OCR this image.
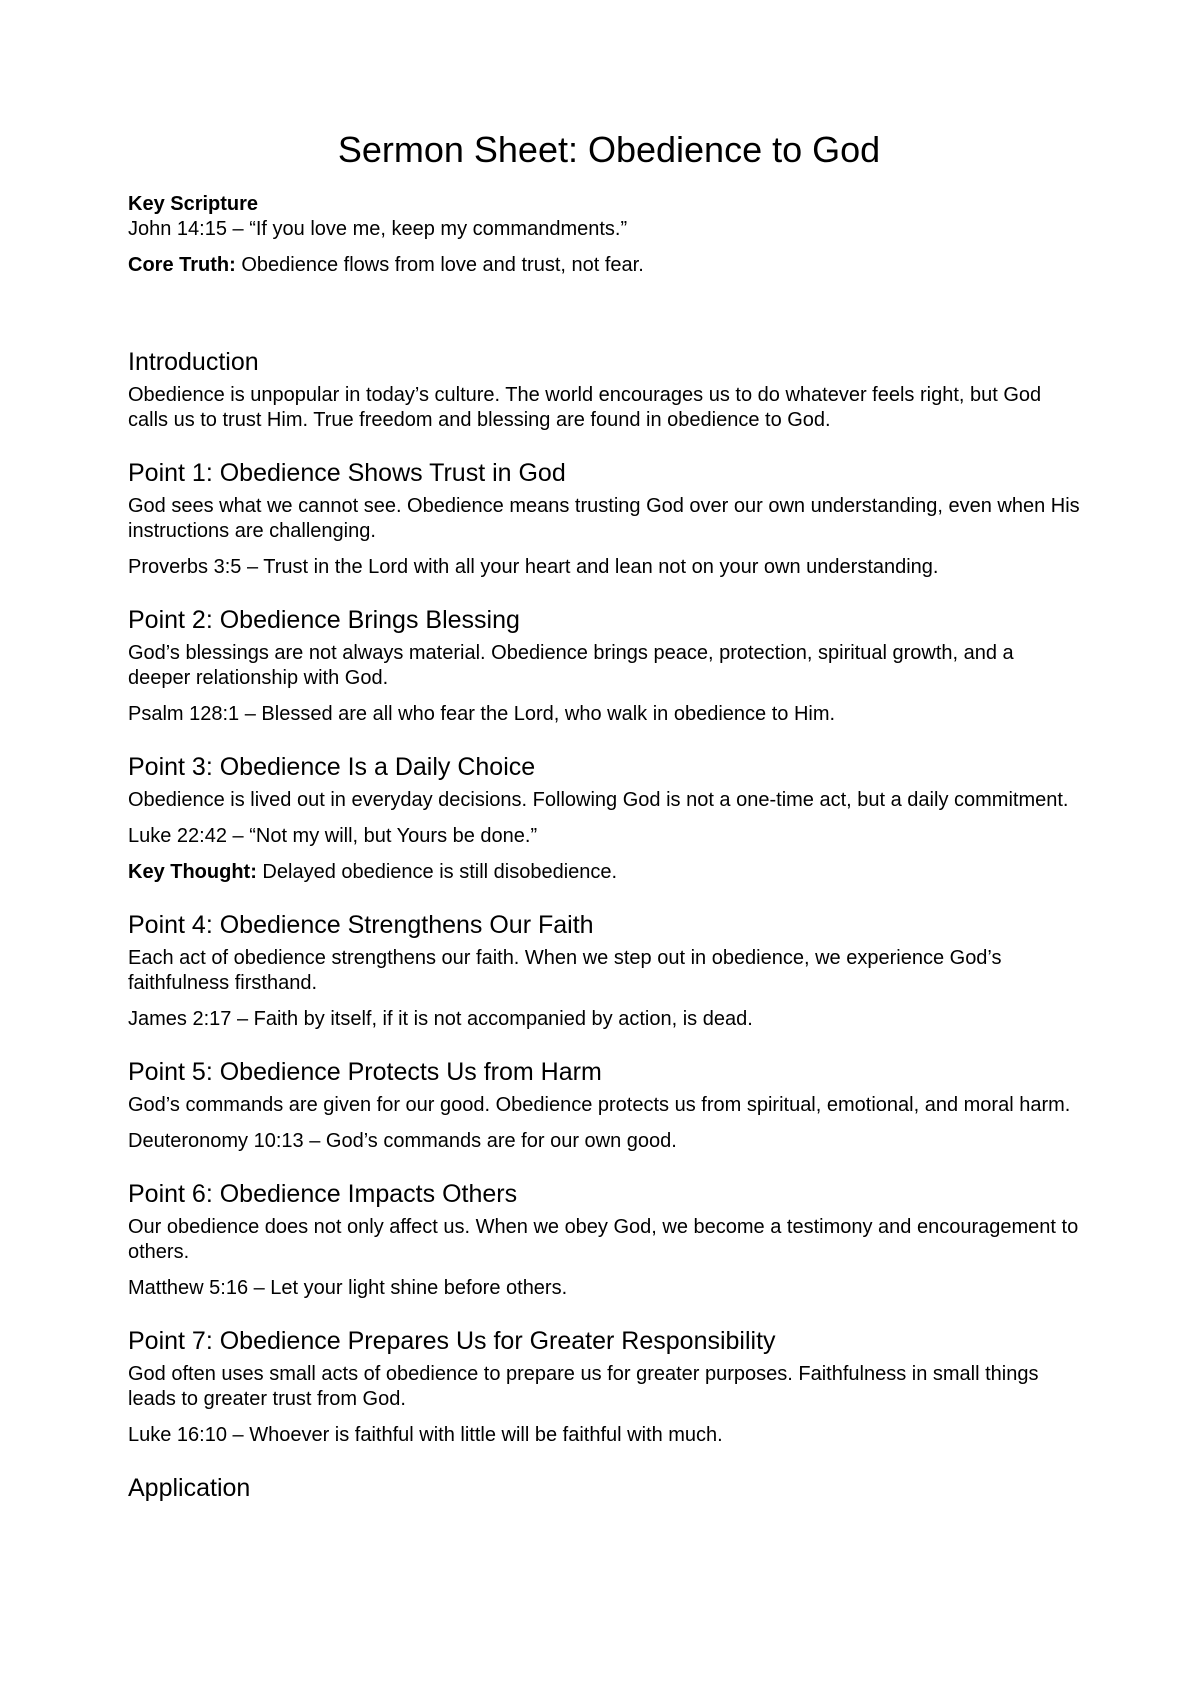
Sermon Sheet: Obedience to God
Key Scripture

John 14:15 – “If you love me, keep my commandments.”

Core Truth: Obedience flows from love and trust, not fear.

Introduction

Obedience is unpopular in today’s culture. The world encourages us to do whatever feels right, but God calls us to trust Him. True freedom and blessing are found in obedience to God.

Point 1: Obedience Shows Trust in God

God sees what we cannot see. Obedience means trusting God over our own understanding, even when His instructions are challenging.

Proverbs 3:5 – Trust in the Lord with all your heart and lean not on your own understanding.

Point 2: Obedience Brings Blessing

God’s blessings are not always material. Obedience brings peace, protection, spiritual growth, and a deeper relationship with God.

Psalm 128:1 – Blessed are all who fear the Lord, who walk in obedience to Him.

Point 3: Obedience Is a Daily Choice

Obedience is lived out in everyday decisions. Following God is not a one-time act, but a daily commitment.

Luke 22:42 – “Not my will, but Yours be done.”

Key Thought: Delayed obedience is still disobedience.

Point 4: Obedience Strengthens Our Faith

Each act of obedience strengthens our faith. When we step out in obedience, we experience God’s faithfulness firsthand.

James 2:17 – Faith by itself, if it is not accompanied by action, is dead.

Point 5: Obedience Protects Us from Harm

God’s commands are given for our good. Obedience protects us from spiritual, emotional, and moral harm.

Deuteronomy 10:13 – God’s commands are for our own good.

Point 6: Obedience Impacts Others

Our obedience does not only affect us. When we obey God, we become a testimony and encouragement to others.

Matthew 5:16 – Let your light shine before others.

Point 7: Obedience Prepares Us for Greater Responsibility

God often uses small acts of obedience to prepare us for greater purposes. Faithfulness in small things leads to greater trust from God.

Luke 16:10 – Whoever is faithful with little will be faithful with much.

Application
